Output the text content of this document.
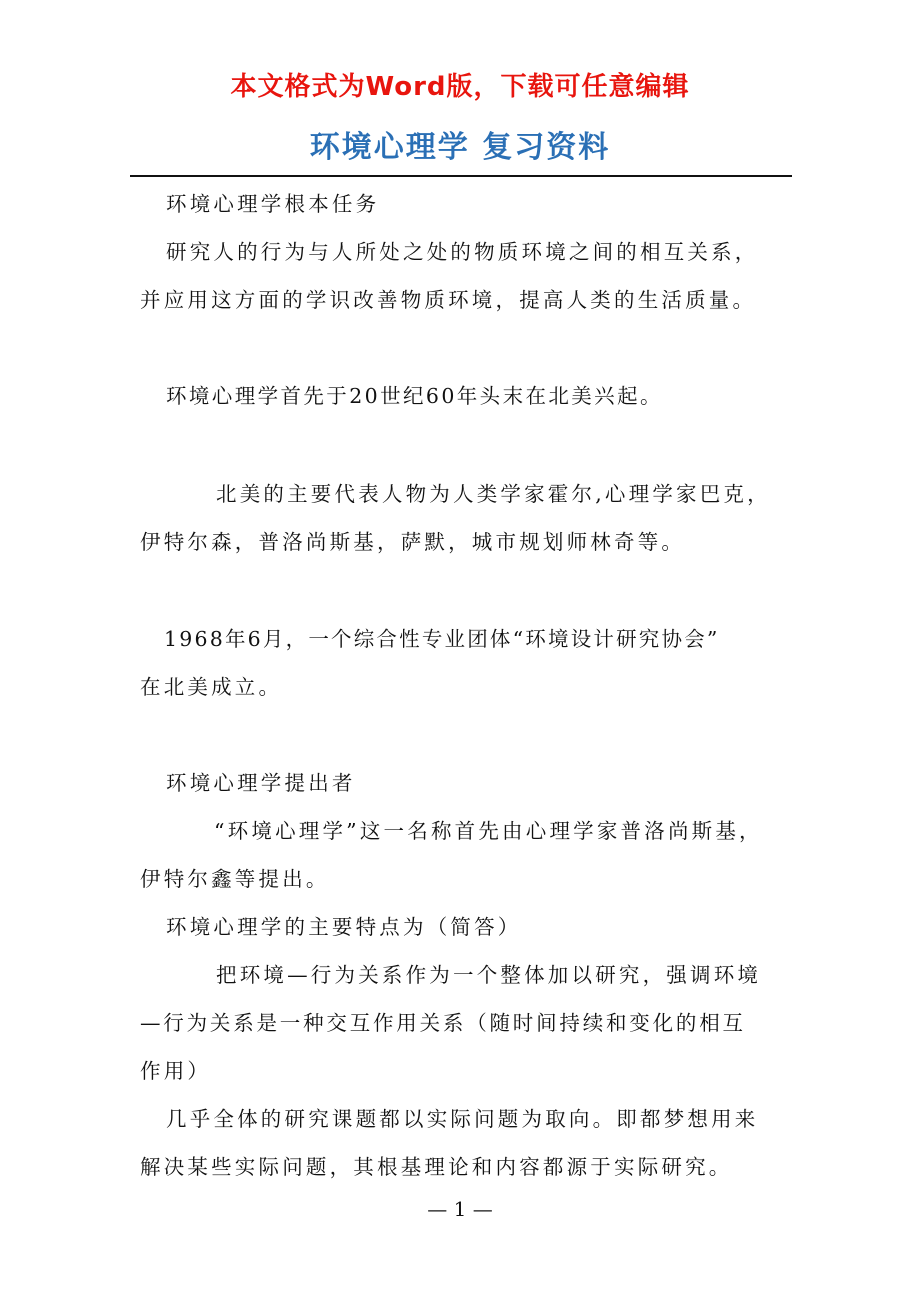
本文格式为Word版，下载可任意编辑
环境心理学 复习资料
环境心理学根本任务
研究人的行为与人所处之处的物质环境之间的相互关系，
并应用这方面的学识改善物质环境，提高人类的生活质量。
环境心理学首先于20世纪60年头末在北美兴起。
北美的主要代表人物为人类学家霍尔,心理学家巴克，
伊特尔森，普洛尚斯基，萨默，城市规划师林奇等。
1968年6月，一个综合性专业团体“环境设计研究协会”
在北美成立。
环境心理学提出者
“环境心理学”这一名称首先由心理学家普洛尚斯基，
伊特尔鑫等提出。
环境心理学的主要特点为（简答）
把环境—行为关系作为一个整体加以研究，强调环境
—行为关系是一种交互作用关系（随时间持续和变化的相互
作用）
几乎全体的研究课题都以实际问题为取向。即都梦想用来
解决某些实际问题，其根基理论和内容都源于实际研究。
— 1 —
